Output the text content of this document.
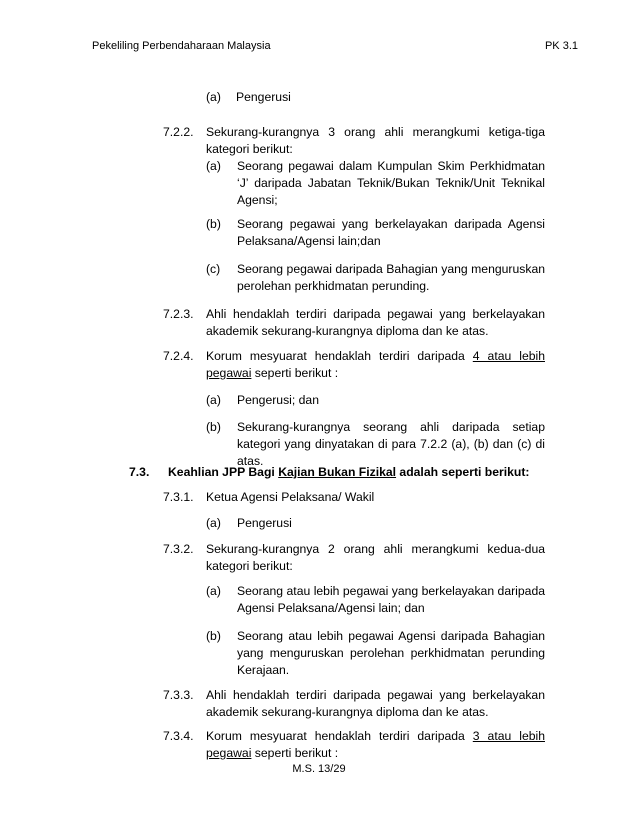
Pekeliling Perbendaharaan Malaysia	PK 3.1
(a) Pengerusi
7.2.2. Sekurang-kurangnya 3 orang ahli merangkumi ketiga-tiga kategori berikut:
(a) Seorang pegawai dalam Kumpulan Skim Perkhidmatan ‘J’ daripada Jabatan Teknik/Bukan Teknik/Unit Teknikal Agensi;
(b) Seorang pegawai yang berkelayakan daripada Agensi Pelaksana/Agensi lain;dan
(c) Seorang pegawai daripada Bahagian yang menguruskan perolehan perkhidmatan perunding.
7.2.3. Ahli hendaklah terdiri daripada pegawai yang berkelayakan akademik sekurang-kurangnya diploma dan ke atas.
7.2.4. Korum mesyuarat hendaklah terdiri daripada 4 atau lebih pegawai seperti berikut :
(a) Pengerusi; dan
(b) Sekurang-kurangnya seorang ahli daripada setiap kategori yang dinyatakan di para 7.2.2 (a), (b) dan (c) di atas.
7.3. Keahlian JPP Bagi Kajian Bukan Fizikal adalah seperti berikut:
7.3.1. Ketua Agensi Pelaksana/ Wakil
(a) Pengerusi
7.3.2. Sekurang-kurangnya 2 orang ahli merangkumi kedua-dua kategori berikut:
(a) Seorang atau lebih pegawai yang berkelayakan daripada Agensi Pelaksana/Agensi lain; dan
(b) Seorang atau lebih pegawai Agensi daripada Bahagian yang menguruskan perolehan perkhidmatan perunding Kerajaan.
7.3.3. Ahli hendaklah terdiri daripada pegawai yang berkelayakan akademik sekurang-kurangnya diploma dan ke atas.
7.3.4. Korum mesyuarat hendaklah terdiri daripada 3 atau lebih pegawai seperti berikut :
M.S. 13/29
